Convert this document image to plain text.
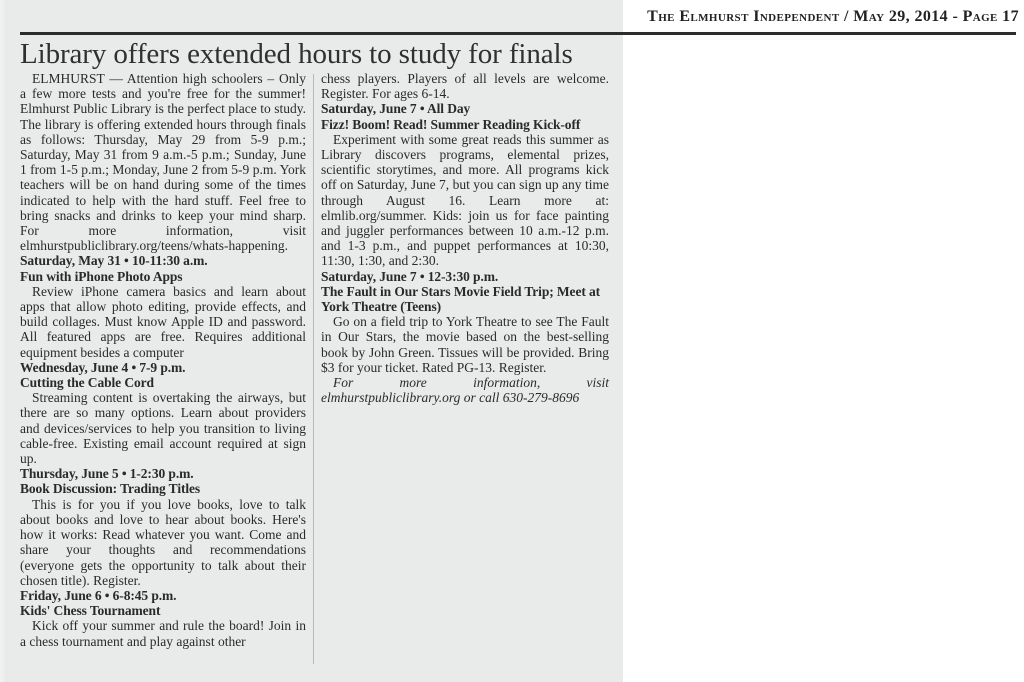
The Elmhurst Independent / May 29, 2014 - Page 17
Library offers extended hours to study for finals

ELMHURST — Attention high schoolers – Only a few more tests and you're free for the summer! Elmhurst Public Library is the perfect place to study. The library is offering extended hours through finals as follows: Thursday, May 29 from 5-9 p.m.; Saturday, May 31 from 9 a.m.-5 p.m.; Sunday, June 1 from 1-5 p.m.; Monday, June 2 from 5-9 p.m. York teachers will be on hand during some of the times indicated to help with the hard stuff. Feel free to bring snacks and drinks to keep your mind sharp. For more information, visit elmhurstpubliclibrary.org/teens/whats-happening.

Saturday, May 31 • 10-11:30 a.m.

Fun with iPhone Photo Apps

Review iPhone camera basics and learn about apps that allow photo editing, provide effects, and build collages. Must know Apple ID and password. All featured apps are free. Requires additional equipment besides a computer

Wednesday, June 4 • 7-9 p.m.

Cutting the Cable Cord

Streaming content is overtaking the airways, but there are so many options. Learn about providers and devices/services to help you transition to living cable-free. Existing email account required at sign up.

Thursday, June 5 • 1-2:30 p.m.

Book Discussion: Trading Titles

This is for you if you love books, love to talk about books and love to hear about books. Here's how it works: Read whatever you want. Come and share your thoughts and recommendations (everyone gets the opportunity to talk about their chosen title). Register.

Friday, June 6 • 6-8:45 p.m.

Kids' Chess Tournament

Kick off your summer and rule the board! Join in a chess tournament and play against other

chess players. Players of all levels are welcome. Register. For ages 6-14.

Saturday, June 7 • All Day

Fizz! Boom! Read! Summer Reading Kick-off

Experiment with some great reads this summer as Library discovers programs, elemental prizes, scientific storytimes, and more. All programs kick off on Saturday, June 7, but you can sign up any time through August 16. Learn more at: elmlib.org/summer. Kids: join us for face painting and juggler performances between 10 a.m.-12 p.m. and 1-3 p.m., and puppet performances at 10:30, 11:30, 1:30, and 2:30.

Saturday, June 7 • 12-3:30 p.m.

The Fault in Our Stars Movie Field Trip; Meet at York Theatre (Teens)

Go on a field trip to York Theatre to see The Fault in Our Stars, the movie based on the best-selling book by John Green. Tissues will be provided. Bring $3 for your ticket. Rated PG-13. Register.

For more information, visit elmhurstpubliclibrary.org or call 630-279-8696
